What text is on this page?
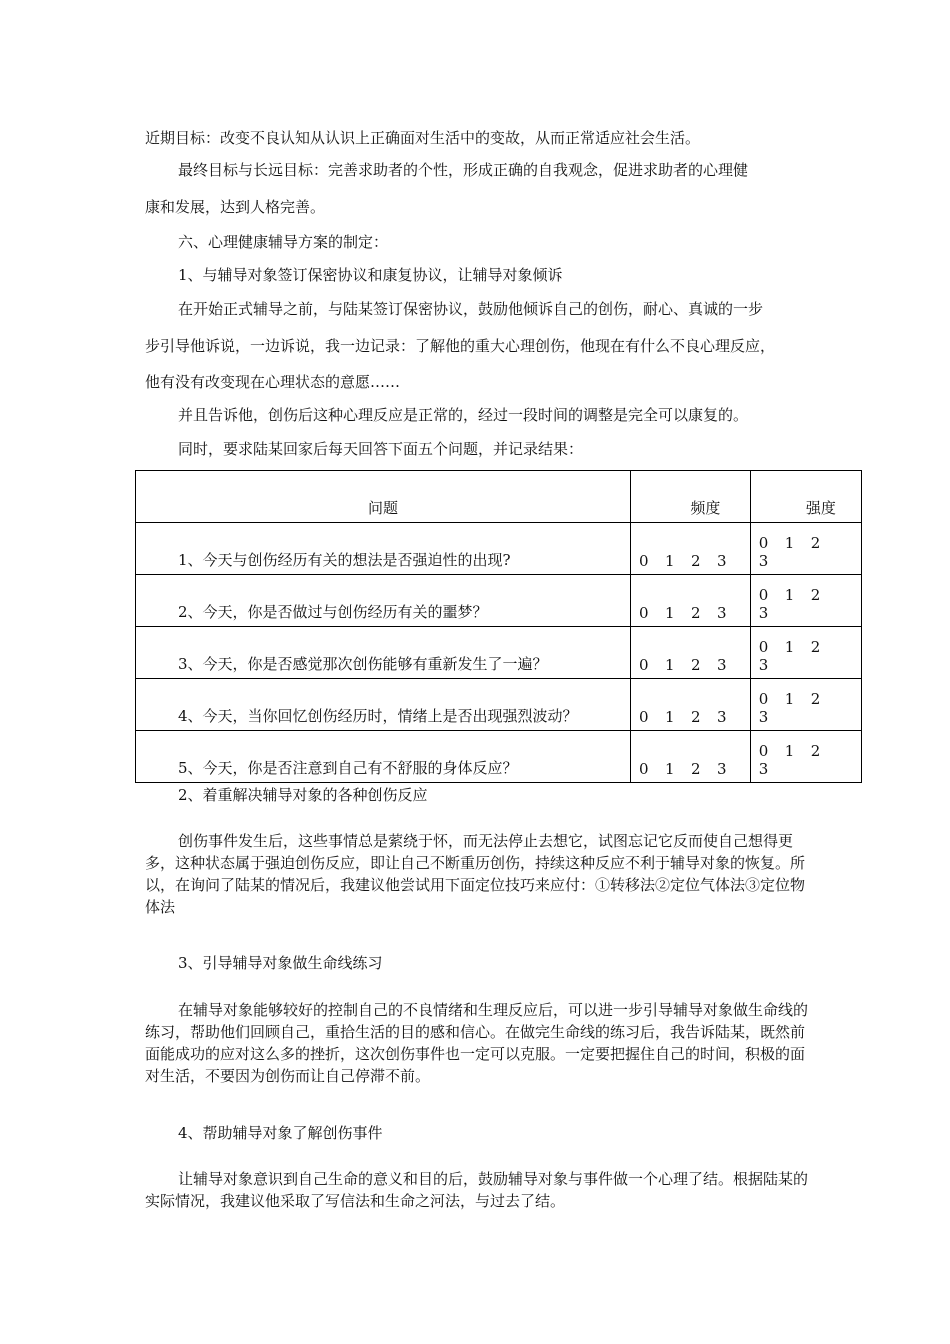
近期目标：改变不良认知从认识上正确面对生活中的变故，从而正常适应社会生活。
最终目标与长远目标：完善求助者的个性，形成正确的自我观念，促进求助者的心理健
康和发展，达到人格完善。
六、心理健康辅导方案的制定：
1、与辅导对象签订保密协议和康复协议，让辅导对象倾诉
在开始正式辅导之前，与陆某签订保密协议，鼓励他倾诉自己的创伤，耐心、真诚的一步
步引导他诉说，一边诉说，我一边记录：了解他的重大心理创伤，他现在有什么不良心理反应，
他有没有改变现在心理状态的意愿……
并且告诉他，创伤后这种心理反应是正常的，经过一段时间的调整是完全可以康复的。
同时，要求陆某回家后每天回答下面五个问题，并记录结果：
问题	频度	强度
1、今天与创伤经历有关的想法是否强迫性的出现?	0 1 2 3	0 1 23
2、今天，你是否做过与创伤经历有关的噩梦？	0 1 2 3	0 1 23
3、今天，你是否感觉那次创伤能够有重新发生了一遍？	0 1 2 3	0 1 23
4、今天，当你回忆创伤经历时，情绪上是否出现强烈波动？	0 1 2 3	0 1 23
5、今天，你是否注意到自己有不舒服的身体反应？	0 1 2 3	0 1 23
2、着重解决辅导对象的各种创伤反应
创伤事件发生后，这些事情总是萦绕于怀，而无法停止去想它，试图忘记它反而使自己想得更多，这种状态属于强迫创伤反应，即让自己不断重历创伤，持续这种反应不利于辅导对象的恢复。所以，在询问了陆某的情况后，我建议他尝试用下面定位技巧来应付：①转移法②定位气体法③定位物体法
3、引导辅导对象做生命线练习
在辅导对象能够较好的控制自己的不良情绪和生理反应后，可以进一步引导辅导对象做生命线的练习，帮助他们回顾自己，重拾生活的目的感和信心。在做完生命线的练习后，我告诉陆某，既然前面能成功的应对这么多的挫折，这次创伤事件也一定可以克服。一定要把握住自己的时间，积极的面对生活，不要因为创伤而让自己停滞不前。
4、帮助辅导对象了解创伤事件
让辅导对象意识到自己生命的意义和目的后，鼓励辅导对象与事件做一个心理了结。根据陆某的实际情况，我建议他采取了写信法和生命之河法，与过去了结。
